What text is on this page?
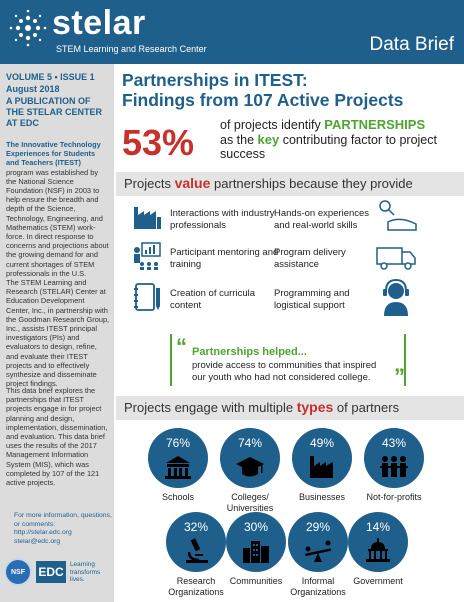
stelar
STEM Learning and Research Center	Data Brief
VOLUME 5 • ISSUE 1
August 2018
A PUBLICATION OF THE STELAR CENTER AT EDC
The Innovative Technology Experiences for Students and Teachers (ITEST) program was established by the National Science Foundation (NSF) in 2003 to help ensure the breadth and depth of the Science, Technology, Engineering, and Mathematics (STEM) work-force. In direct response to concerns and projections about the growing demand for and current shortages of STEM professionals in the U.S.
The STEM Learning and Research (STELAR) Center at Education Development Center, Inc., in partnership with the Goodman Research Group, Inc., assists ITEST principal investigators (PIs) and evaluators to design, refine, and evaluate their ITEST projects and to effectively synthesize and disseminate project findings.
This data brief explores the partnerships that ITEST projects engage in for project planning and design, implementation, dissemination, and evaluation. This data brief uses the results of the 2017 Management Information System (MIS), which was completed by 107 of the 121 active projects.
For more information, questions, or comments: http://stelar.edc.org stelar@edc.org
NSF	EDC
Learning transforms lives.
Partnerships in ITEST:
Findings from 107 Active Projects
53% of projects identify PARTNERSHIPS
as the key contributing factor to project success
Projects value partnerships because they provide
Interactions with industry professionals
Hands-on experiences and real-world skills
Participant mentoring and training
Program delivery assistance
Creation of curricula content
Programming and logistical support
“
”
Partnerships helped...
provide access to communities that inspired our youth who had not considered college.
Projects engage with multiple types of partners
76%
Schools
74%
Colleges/ Universities
49%
Businesses
43%
Not-for-profits
32%
Research Organizations
30%
Communities
29%
Informal Organizations
14%
Government
